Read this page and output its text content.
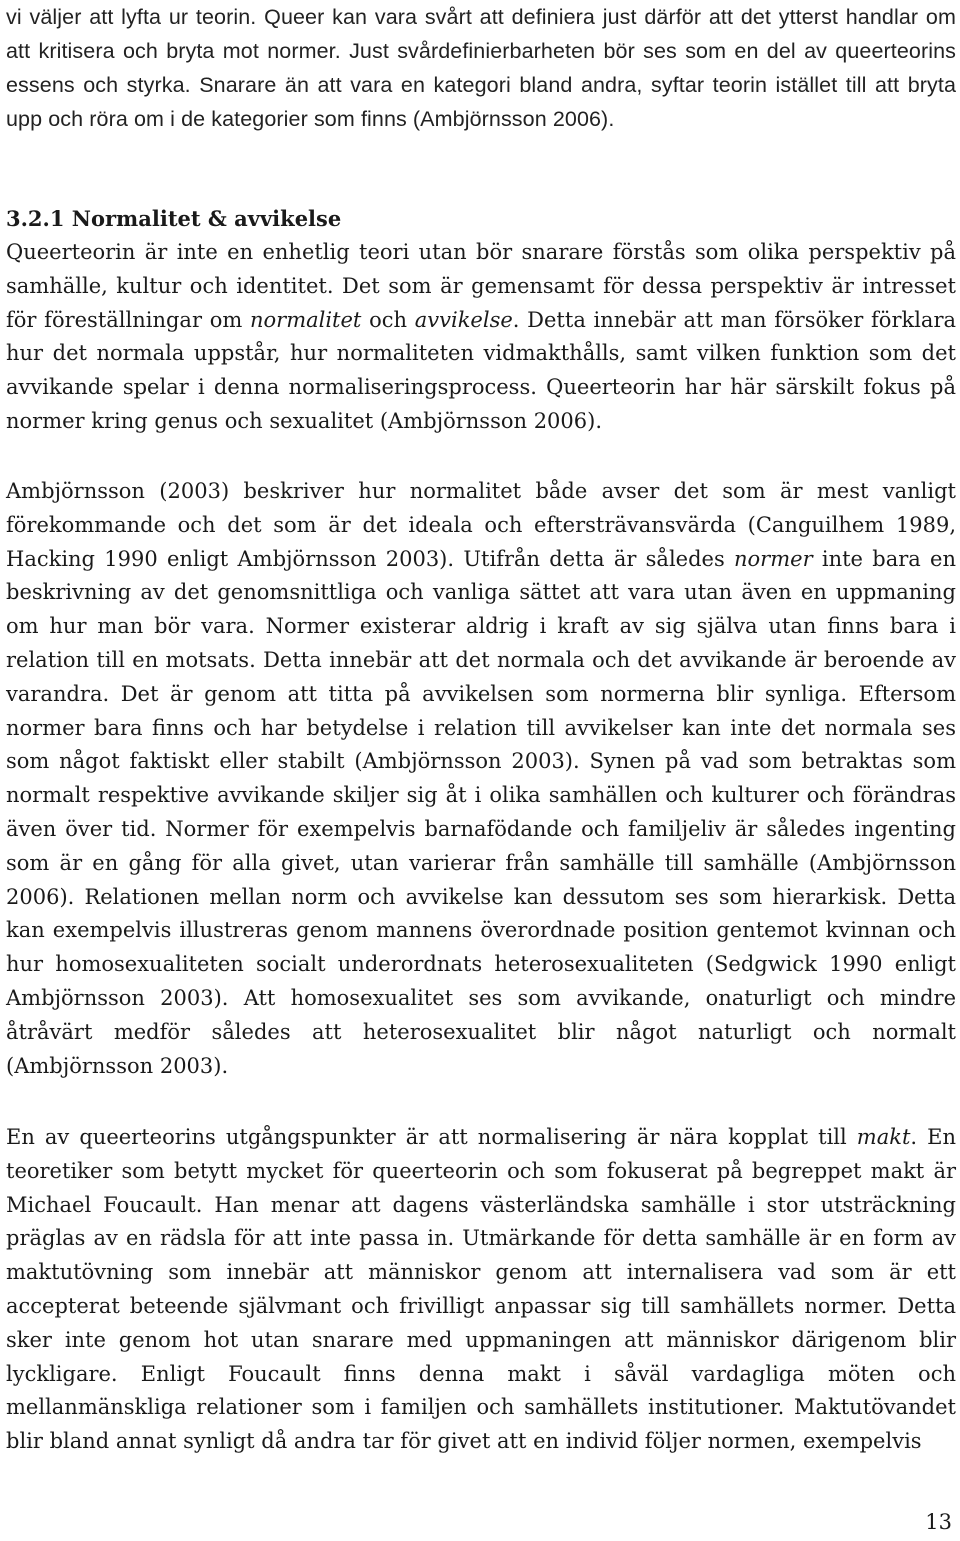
vi väljer att lyfta ur teorin. Queer kan vara svårt att definiera just därför att det ytterst handlar om att kritisera och bryta mot normer. Just svårdefinierbarheten bör ses som en del av queerteorins essens och styrka. Snarare än att vara en kategori bland andra, syftar teorin istället till att bryta upp och röra om i de kategorier som finns (Ambjörnsson 2006).

3.2.1 Normalitet & avvikelse

Queerteorin är inte en enhetlig teori utan bör snarare förstås som olika perspektiv på samhälle, kultur och identitet. Det som är gemensamt för dessa perspektiv är intresset för föreställningar om normalitet och avvikelse. Detta innebär att man försöker förklara hur det normala uppstår, hur normaliteten vidmakthålls, samt vilken funktion som det avvikande spelar i denna normaliseringsprocess. Queerteorin har här särskilt fokus på normer kring genus och sexualitet (Ambjörnsson 2006).

Ambjörnsson (2003) beskriver hur normalitet både avser det som är mest vanligt förekommande och det som är det ideala och eftersträvansvärda (Canguilhem 1989, Hacking 1990 enligt Ambjörnsson 2003). Utifrån detta är således normer inte bara en beskrivning av det genomsnittliga och vanliga sättet att vara utan även en uppmaning om hur man bör vara. Normer existerar aldrig i kraft av sig själva utan finns bara i relation till en motsats. Detta innebär att det normala och det avvikande är beroende av varandra. Det är genom att titta på avvikelsen som normerna blir synliga. Eftersom normer bara finns och har betydelse i relation till avvikelser kan inte det normala ses som något faktiskt eller stabilt (Ambjörnsson 2003). Synen på vad som betraktas som normalt respektive avvikande skiljer sig åt i olika samhällen och kulturer och förändras även över tid. Normer för exempelvis barnafödande och familjeliv är således ingenting som är en gång för alla givet, utan varierar från samhälle till samhälle (Ambjörnsson 2006). Relationen mellan norm och avvikelse kan dessutom ses som hierarkisk. Detta kan exempelvis illustreras genom mannens överordnade position gentemot kvinnan och hur homosexualiteten socialt underordnats heterosexualiteten (Sedgwick 1990 enligt Ambjörnsson 2003). Att homosexualitet ses som avvikande, onaturligt och mindre åtråvärt medför således att heterosexualitet blir något naturligt och normalt (Ambjörnsson 2003).

En av queerteorins utgångspunkter är att normalisering är nära kopplat till makt. En teoretiker som betytt mycket för queerteorin och som fokuserat på begreppet makt är Michael Foucault. Han menar att dagens västerländska samhälle i stor utsträckning präglas av en rädsla för att inte passa in. Utmärkande för detta samhälle är en form av maktutövning som innebär att människor genom att internalisera vad som är ett accepterat beteende självmant och frivilligt anpassar sig till samhällets normer. Detta sker inte genom hot utan snarare med uppmaningen att människor därigenom blir lyckligare. Enligt Foucault finns denna makt i såväl vardagliga möten och mellanmänskliga relationer som i familjen och samhällets institutioner. Maktutövandet blir bland annat synligt då andra tar för givet att en individ följer normen, exempelvis

13
